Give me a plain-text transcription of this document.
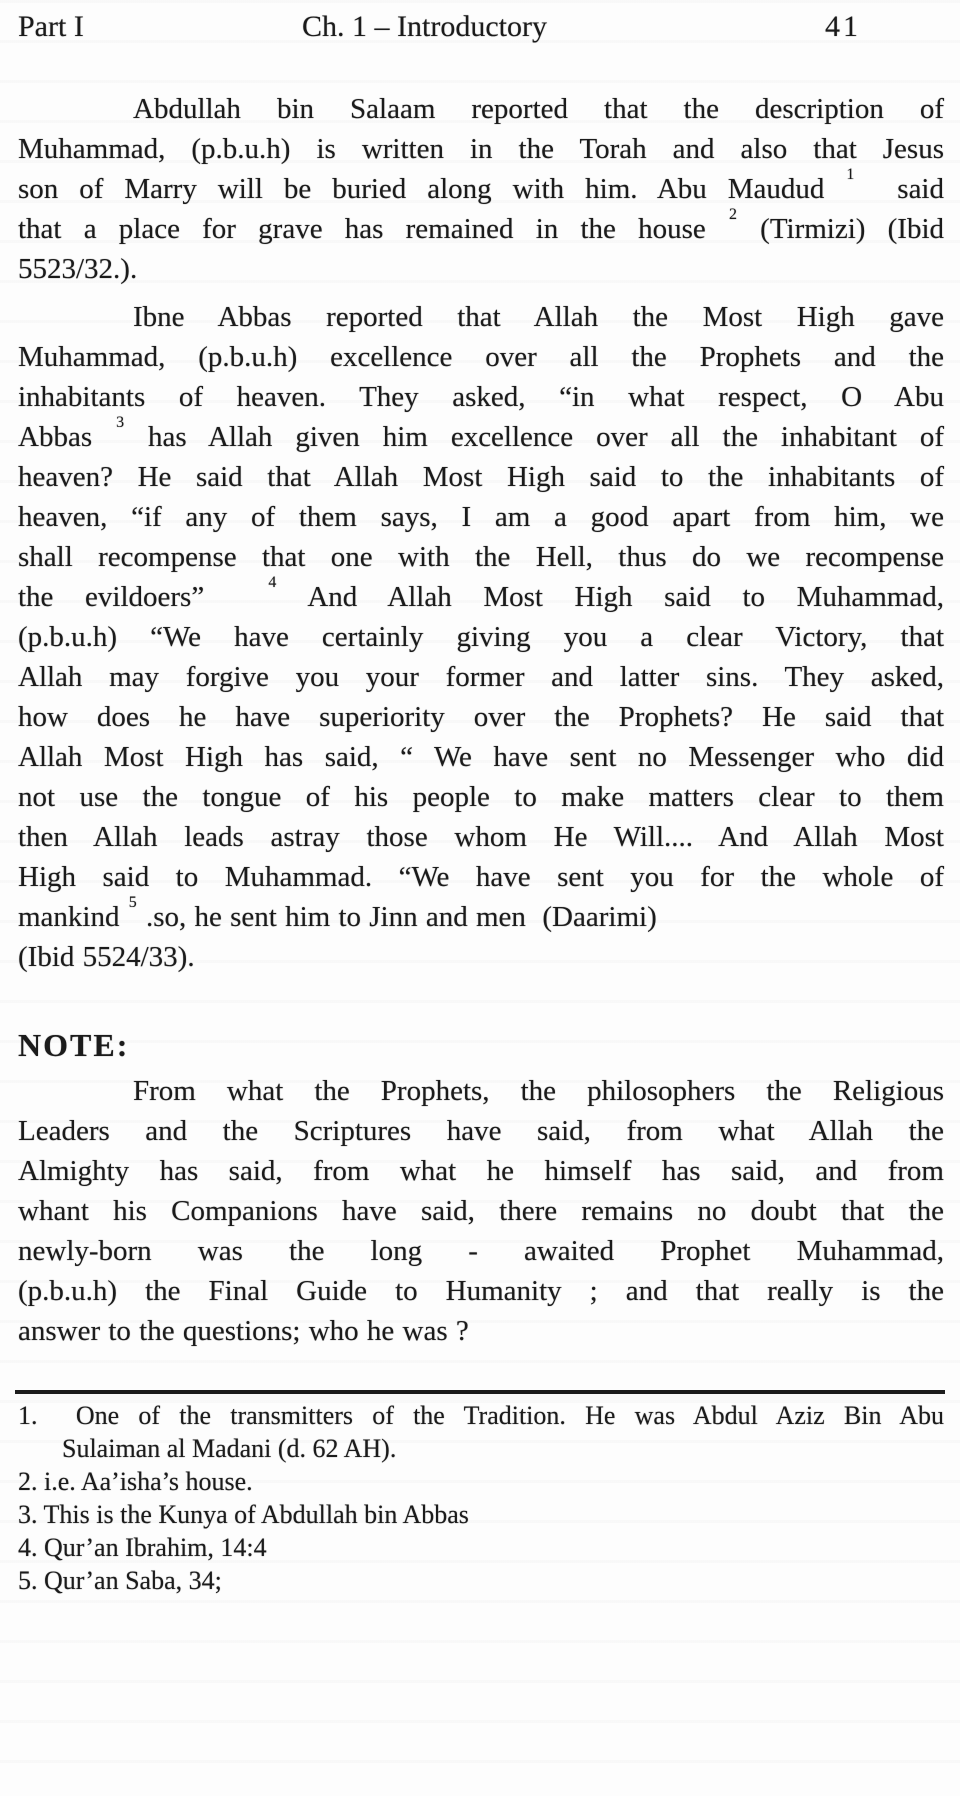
Part I	Ch. 1 – Introductory	41
Abdullah bin Salaam reported that the description of
Muhammad, (p.b.u.h) is written in the Torah and also that Jesus
son of Marry will be buried along with him. Abu Maudud $^1$  said
that a place for grave has remained in the house $^2$ (Tirmizi) (Ibid
5523/32.).
Ibne Abbas reported that Allah the Most High gave
Muhammad, (p.b.u.h) excellence over all the Prophets and the
inhabitants of heaven. They asked, “in what respect, O Abu
Abbas $^3$ has Allah given him excellence over all the inhabitant of
heaven? He said that Allah Most High said to the inhabitants of
heaven, “if any of them says, I am a good apart from him, we
shall recompense that one with the Hell, thus do we recompense
the evildoers”  $^4$ And Allah Most High said to Muhammad,
(p.b.u.h) “We have certainly giving you a clear Victory, that
Allah may forgive you your former and latter sins. They asked,
how does he have superiority over the Prophets? He said that
Allah Most High has said, “ We have sent no Messenger who did
not use the tongue of his people to make matters clear to them
then Allah leads astray those whom He Will.... And Allah Most
High said to Muhammad. “We have sent you for the whole of
mankind $^5$ .so, he sent him to Jinn and men  (Daarimi)
(Ibid 5524/33).
NOTE:
From what the Prophets, the philosophers the Religious
Leaders and the Scriptures have said, from what Allah the
Almighty has said, from what he himself has said, and from
whant his Companions have said, there remains no doubt that the
newly-born was the long - awaited Prophet Muhammad,
(p.b.u.h) the Final Guide to Humanity ; and that really is the
answer to the questions; who he was ?
1.  One of the transmitters of the Tradition. He was Abdul Aziz Bin Abu
Sulaiman al Madani (d. 62 AH).
2. i.e. Aa’isha’s house.
3. This is the Kunya of Abdullah bin Abbas
4. Qur’an Ibrahim, 14:4
5. Qur’an Saba, 34;
